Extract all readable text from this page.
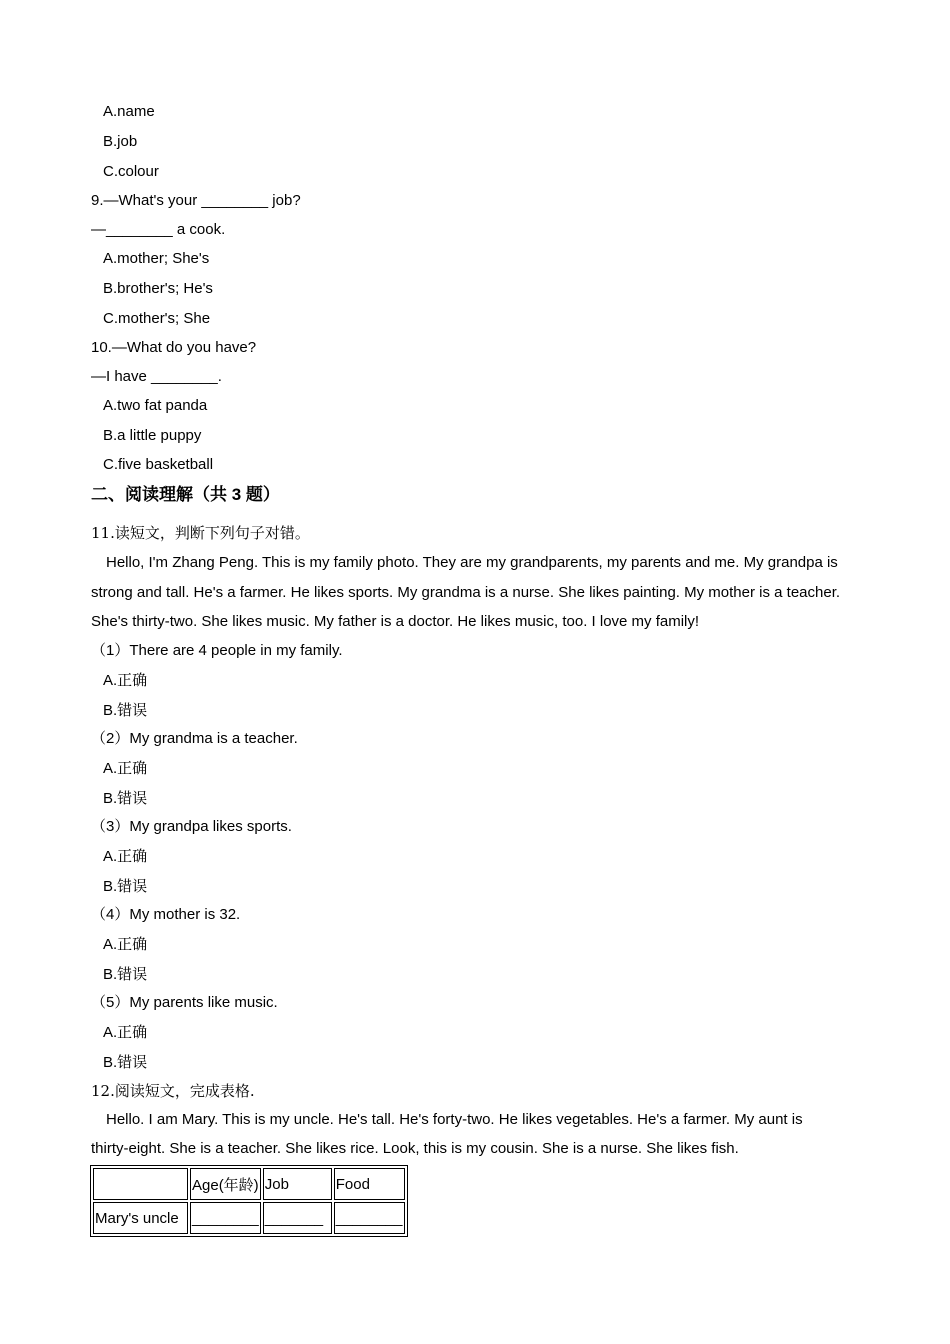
A.name
B.job
C.colour
9.—What's your ________ job?
—________ a cook.
A.mother; She's
B.brother's; He's
C.mother's; She
10.—What do you have?
—I have ________.
A.two fat panda
B.a little puppy
C.five basketball
二、阅读理解（共 3 题）
11.读短文，判断下列句子对错。
Hello, I'm Zhang Peng. This is my family photo. They are my grandparents, my parents and me. My grandpa is
strong and tall. He's a farmer. He likes sports. My grandma is a nurse. She likes painting. My mother is a teacher.
She's thirty-two. She likes music. My father is a doctor. He likes music, too. I love my family!
（1）There are 4 people in my family.
A.正确
B.错误
（2）My grandma is a teacher.
A.正确
B.错误
（3）My grandpa likes sports.
A.正确
B.错误
（4）My mother is 32.
A.正确
B.错误
（5）My parents like music.
A.正确
B.错误
12.阅读短文，完成表格.
Hello. I am Mary. This is my uncle. He's tall. He's forty-two. He likes vegetables. He's a farmer. My aunt is
thirty-eight. She is a teacher. She likes rice. Look, this is my cousin. She is a nurse. She likes fish.
	Age(年龄)	Job	Food
Mary's uncle	________	_______	________
